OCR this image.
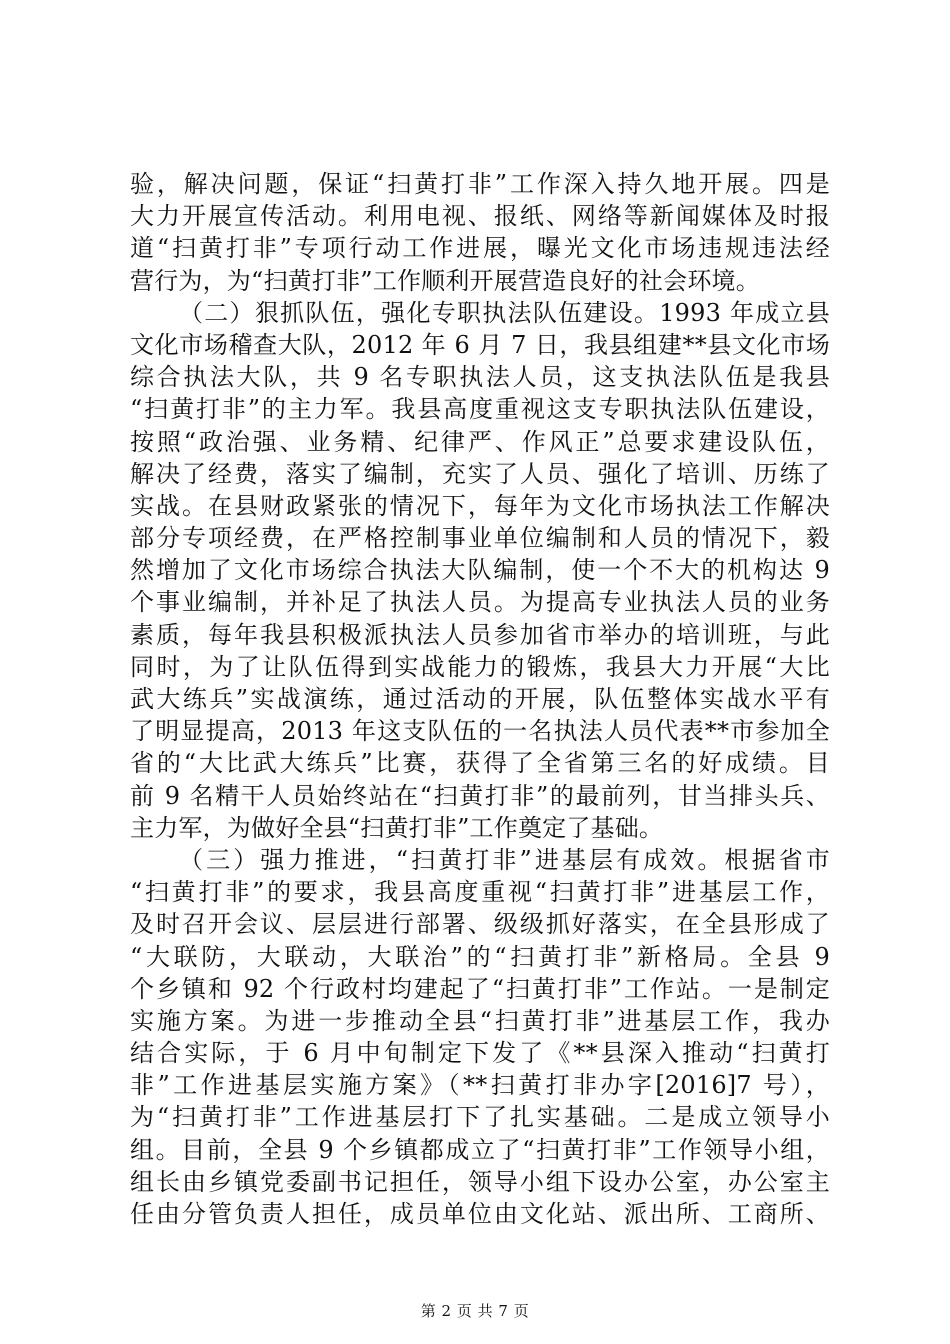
验，解决问题，保证“扫黄打非”工作深入持久地开展。四是
大力开展宣传活动。利用电视、报纸、网络等新闻媒体及时报
道“扫黄打非”专项行动工作进展，曝光文化市场违规违法经
营行为，为“扫黄打非”工作顺利开展营造良好的社会环境。
（二）狠抓队伍，强化专职执法队伍建设。1993 年成立县
文化市场稽查大队，2012 年 6 月 7 日，我县组建**县文化市场
综合执法大队，共 9 名专职执法人员，这支执法队伍是我县
“扫黄打非”的主力军。我县高度重视这支专职执法队伍建设，
按照“政治强、业务精、纪律严、作风正”总要求建设队伍，
解决了经费，落实了编制，充实了人员、强化了培训、历练了
实战。在县财政紧张的情况下，每年为文化市场执法工作解决
部分专项经费，在严格控制事业单位编制和人员的情况下，毅
然增加了文化市场综合执法大队编制，使一个不大的机构达 9
个事业编制，并补足了执法人员。为提高专业执法人员的业务
素质，每年我县积极派执法人员参加省市举办的培训班，与此
同时，为了让队伍得到实战能力的锻炼，我县大力开展“大比
武大练兵”实战演练，通过活动的开展，队伍整体实战水平有
了明显提高，2013 年这支队伍的一名执法人员代表**市参加全
省的“大比武大练兵”比赛，获得了全省第三名的好成绩。目
前 9 名精干人员始终站在“扫黄打非”的最前列，甘当排头兵、
主力军，为做好全县“扫黄打非”工作奠定了基础。
（三）强力推进，“扫黄打非”进基层有成效。根据省市
“扫黄打非”的要求，我县高度重视“扫黄打非”进基层工作，
及时召开会议、层层进行部署、级级抓好落实，在全县形成了
“大联防，大联动，大联治”的“扫黄打非”新格局。全县 9
个乡镇和 92 个行政村均建起了“扫黄打非”工作站。一是制定
实施方案。为进一步推动全县“扫黄打非”进基层工作，我办
结合实际，于 6 月中旬制定下发了《**县深入推动“扫黄打
非”工作进基层实施方案》（**扫黄打非办字[2016]7 号），
为“扫黄打非”工作进基层打下了扎实基础。二是成立领导小
组。目前，全县 9 个乡镇都成立了“扫黄打非”工作领导小组，
组长由乡镇党委副书记担任，领导小组下设办公室，办公室主
任由分管负责人担任，成员单位由文化站、派出所、工商所、
第 2 页 共 7 页
